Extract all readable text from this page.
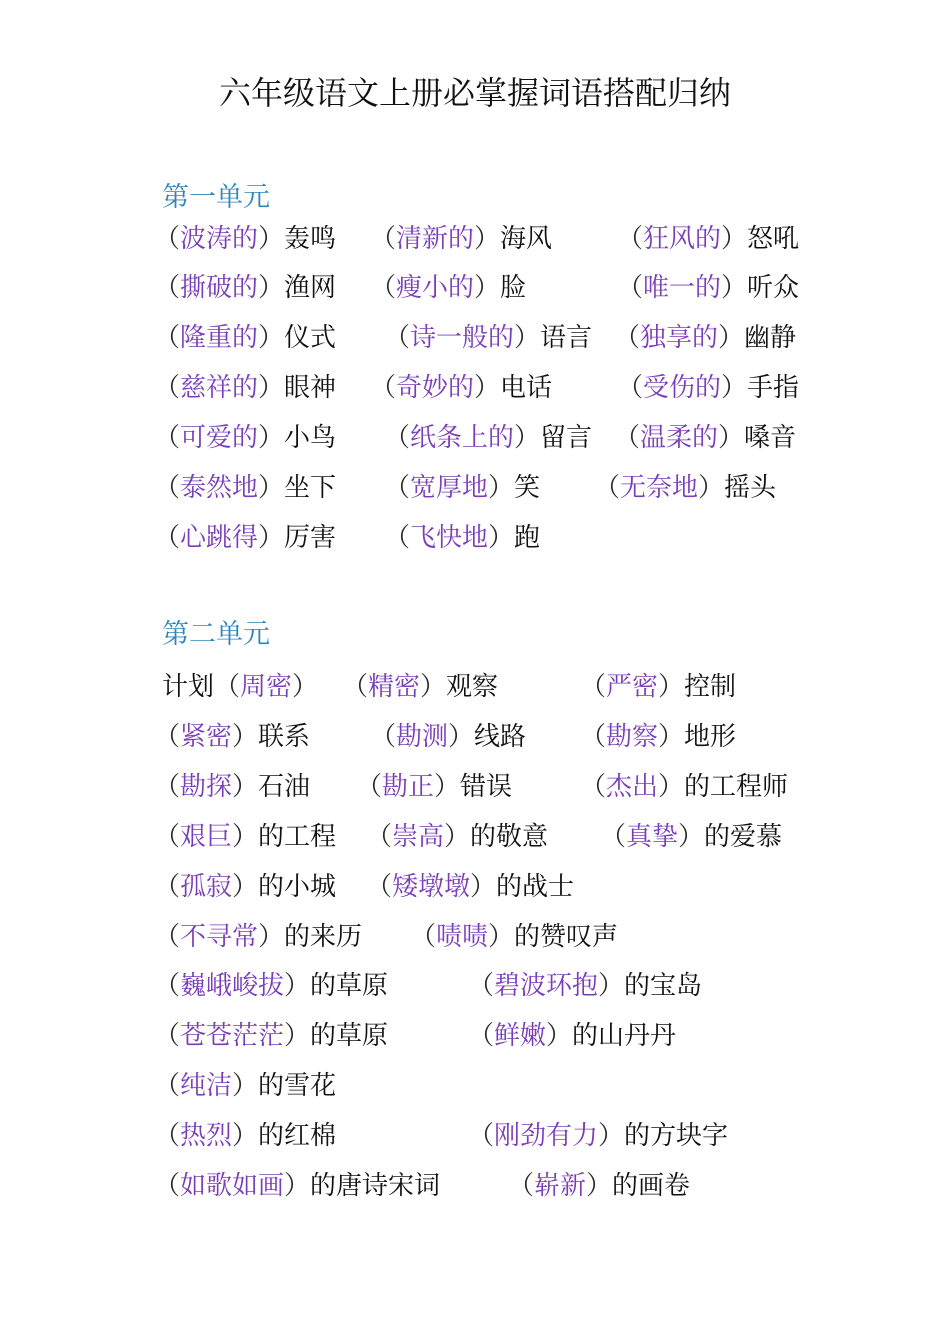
六年级语文上册必掌握词语搭配归纳
第一单元
（波涛的）轰鸣 （清新的）海风 （狂风的）怒吼
（撕破的）渔网 （瘦小的）脸	（唯一的）听众
（隆重的）仪式 （诗一般的）语言 （独享的）幽静
（慈祥的）眼神 （奇妙的）电话 （受伤的）手指
（可爱的）小鸟 （纸条上的）留言 （温柔的）嗓音
（泰然地）坐下 （宽厚地）笑 （无奈地）摇头
（心跳得）厉害 （飞快地）跑
第二单元
计划（周密） （精密）观察	（严密）控制
（紧密）联系 （勘测）线路 （勘察）地形
（勘探）石油 （勘正）错误	（杰出）的工程师
（艰巨）的工程 （崇高）的敬意 （真挚）的爱慕
（孤寂）的小城 （矮墩墩）的战士
（不寻常）的来历 （啧啧）的赞叹声
（巍峨峻拔）的草原	（碧波环抱）的宝岛
（苍苍茫茫）的草原	（鲜嫩）的山丹丹
（纯洁）的雪花
（热烈）的红棉	（刚劲有力）的方块字
（如歌如画）的唐诗宋词	（崭新）的画卷
